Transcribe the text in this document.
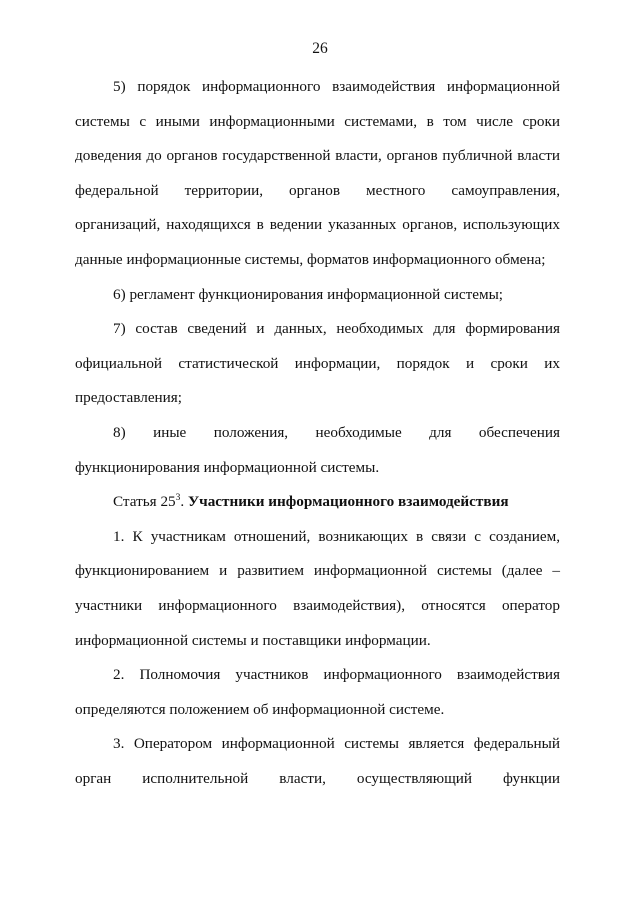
26

5) порядок информационного взаимодействия информационной системы с иными информационными системами, в том числе сроки доведения до органов государственной власти, органов публичной власти федеральной территории, органов местного самоуправления, организаций, находящихся в ведении указанных органов, использующих данные информационные системы, форматов информационного обмена;

6) регламент функционирования информационной системы;

7) состав сведений и данных, необходимых для формирования официальной статистической информации, порядок и сроки их предоставления;

8) иные положения, необходимые для обеспечения функционирования информационной системы.

Статья $25^3$. Участники информационного взаимодействия

1. К участникам отношений, возникающих в связи с созданием, функционированием и развитием информационной системы (далее – участники информационного взаимодействия), относятся оператор информационной системы и поставщики информации.

2. Полномочия участников информационного взаимодействия определяются положением об информационной системе.

3. Оператором информационной системы является федеральный орган исполнительной власти, осуществляющий функции
